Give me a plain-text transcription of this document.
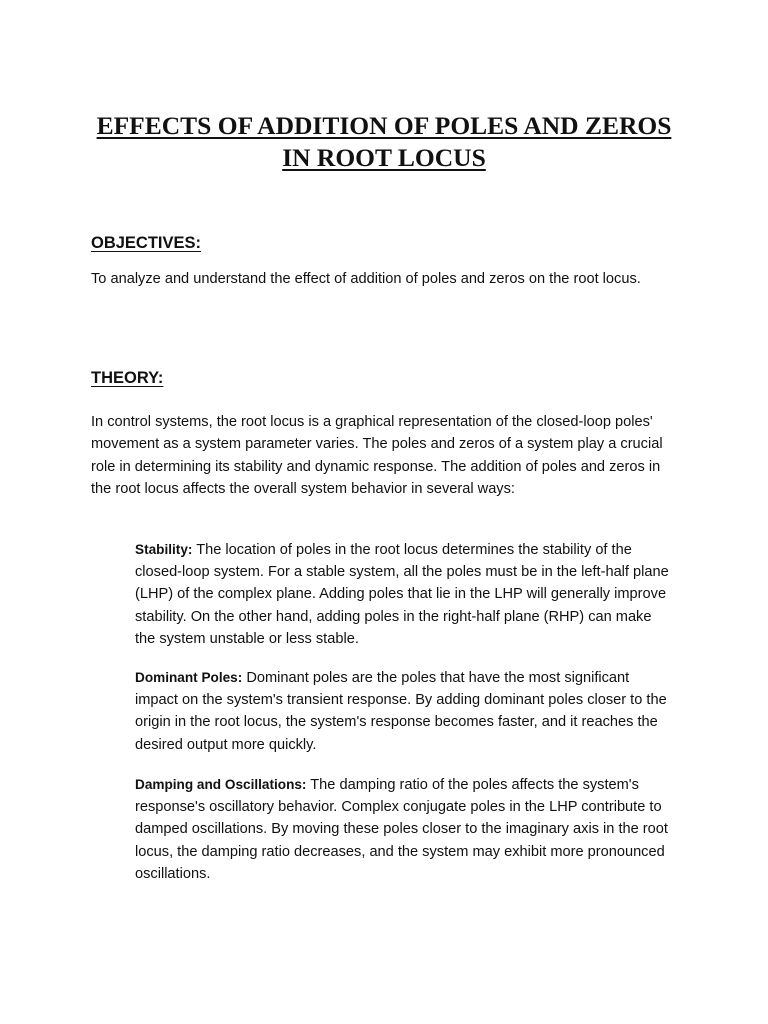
EFFECTS OF ADDITION OF POLES AND ZEROS
IN ROOT LOCUS
OBJECTIVES:

To analyze and understand the effect of addition of poles and zeros on the root locus.

THEORY:

In control systems, the root locus is a graphical representation of the closed-loop poles' movement as a system parameter varies. The poles and zeros of a system play a crucial role in determining its stability and dynamic response. The addition of poles and zeros in the root locus affects the overall system behavior in several ways:

Stability: The location of poles in the root locus determines the stability of the closed-loop system. For a stable system, all the poles must be in the left-half plane (LHP) of the complex plane. Adding poles that lie in the LHP will generally improve stability. On the other hand, adding poles in the right-half plane (RHP) can make the system unstable or less stable.

Dominant Poles: Dominant poles are the poles that have the most significant impact on the system's transient response. By adding dominant poles closer to the origin in the root locus, the system's response becomes faster, and it reaches the desired output more quickly.

Damping and Oscillations: The damping ratio of the poles affects the system's response's oscillatory behavior. Complex conjugate poles in the LHP contribute to damped oscillations. By moving these poles closer to the imaginary axis in the root locus, the damping ratio decreases, and the system may exhibit more pronounced oscillations.
